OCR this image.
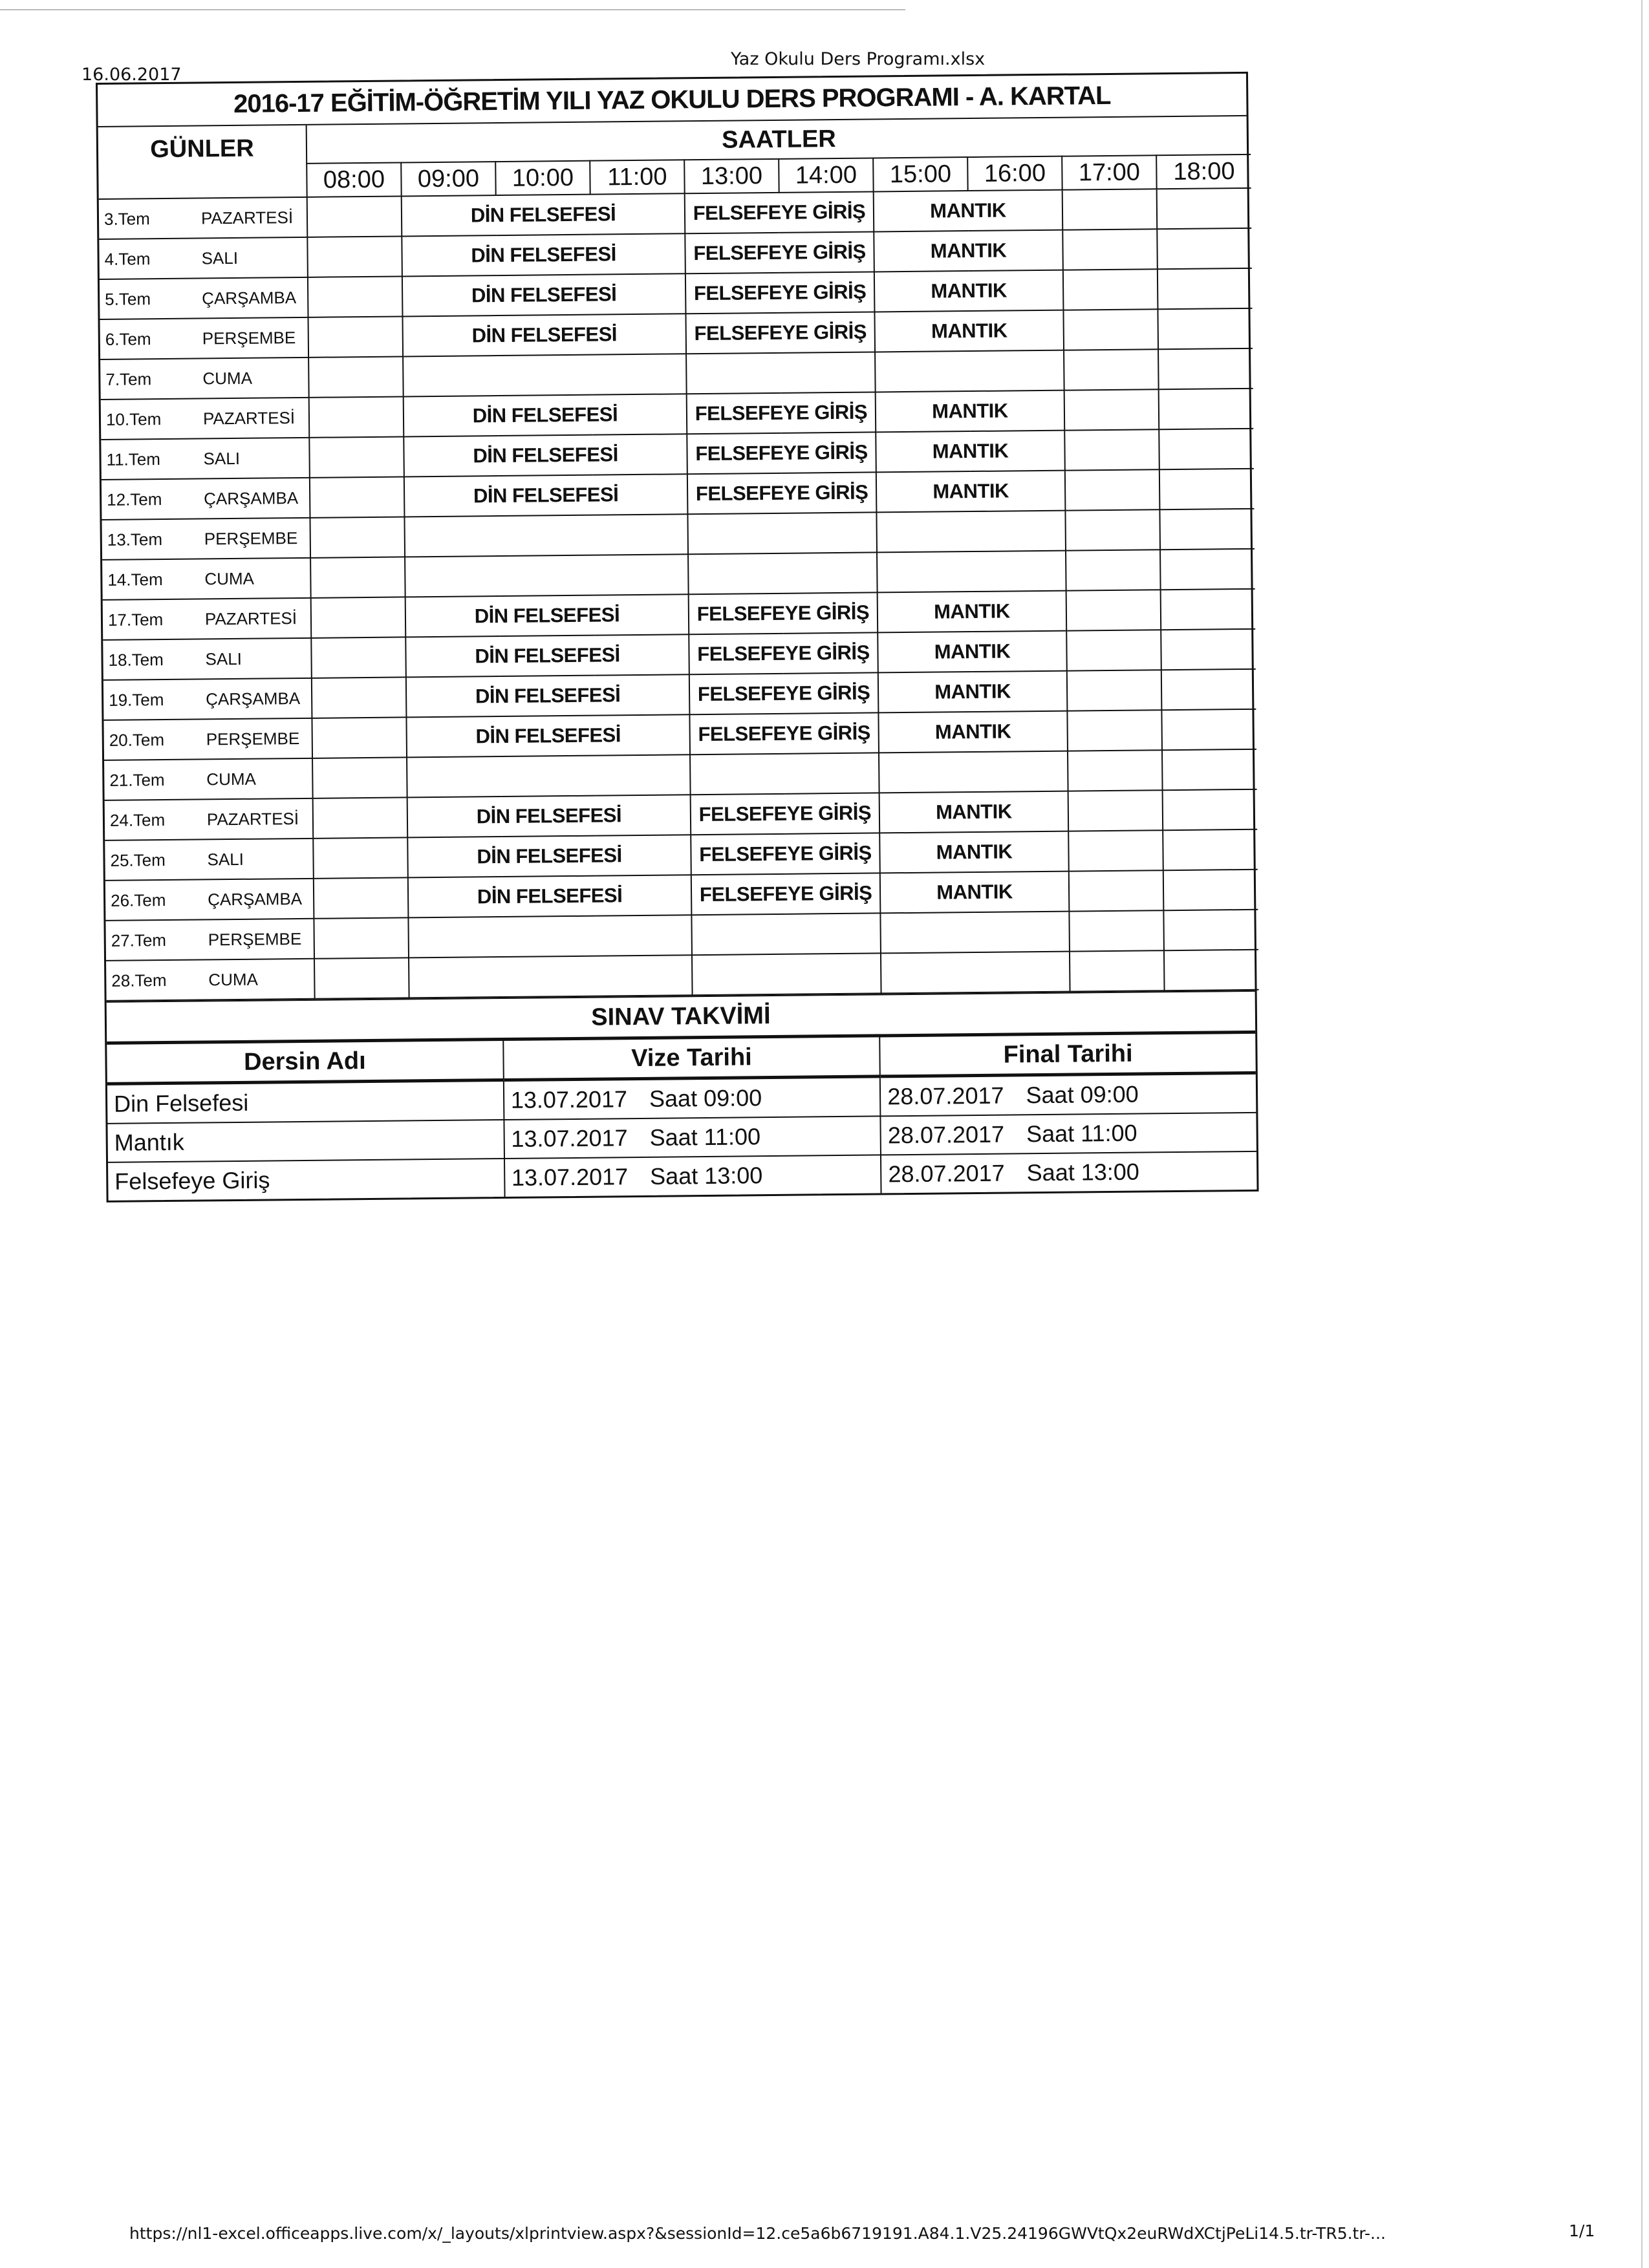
16.06.2017
Yaz Okulu Ders Programı.xlsx
2016-17 EĞİTİM-ÖĞRETİM YILI YAZ OKULU DERS PROGRAMI - A. KARTAL
GÜNLER	SAATLER									
	08:00	09:00	10:00	11:00	13:00	14:00	15:00	16:00	17:00	18:00
3.Tem PAZARTESİ		DİN FELSEFESİ			FELSEFEYE GİRİŞ		MANTIK			
4.Tem SALI		DİN FELSEFESİ			FELSEFEYE GİRİŞ		MANTIK			
5.Tem ÇARŞAMBA		DİN FELSEFESİ			FELSEFEYE GİRİŞ		MANTIK			
6.Tem PERŞEMBE		DİN FELSEFESİ			FELSEFEYE GİRİŞ		MANTIK			
7.Tem CUMA										
10.Tem PAZARTESİ		DİN FELSEFESİ			FELSEFEYE GİRİŞ		MANTIK			
11.Tem SALI		DİN FELSEFESİ			FELSEFEYE GİRİŞ		MANTIK			
12.Tem ÇARŞAMBA		DİN FELSEFESİ			FELSEFEYE GİRİŞ		MANTIK			
13.Tem PERŞEMBE										
14.Tem CUMA										
17.Tem PAZARTESİ		DİN FELSEFESİ			FELSEFEYE GİRİŞ		MANTIK			
18.Tem SALI		DİN FELSEFESİ			FELSEFEYE GİRİŞ		MANTIK			
19.Tem ÇARŞAMBA		DİN FELSEFESİ			FELSEFEYE GİRİŞ		MANTIK			
20.Tem PERŞEMBE		DİN FELSEFESİ			FELSEFEYE GİRİŞ		MANTIK			
21.Tem CUMA										
24.Tem PAZARTESİ		DİN FELSEFESİ			FELSEFEYE GİRİŞ		MANTIK			
25.Tem SALI		DİN FELSEFESİ			FELSEFEYE GİRİŞ		MANTIK			
26.Tem ÇARŞAMBA		DİN FELSEFESİ			FELSEFEYE GİRİŞ		MANTIK			
27.Tem PERŞEMBE										
28.Tem CUMA										
SINAV TAKVİMİ
Dersin Adı	Vize Tarihi	Final Tarihi
Din Felsefesi	13.07.2017 Saat 09:00	28.07.2017 Saat 09:00
Mantık	13.07.2017 Saat 11:00	28.07.2017 Saat 11:00
Felsefeye Giriş	13.07.2017 Saat 13:00	28.07.2017 Saat 13:00
https://nl1-excel.officeapps.live.com/x/_layouts/xlprintview.aspx?&sessionId=12.ce5a6b6719191.A84.1.V25.24196GWVtQx2euRWdXCtjPeLi14.5.tr-TR5.tr-...	1/1
